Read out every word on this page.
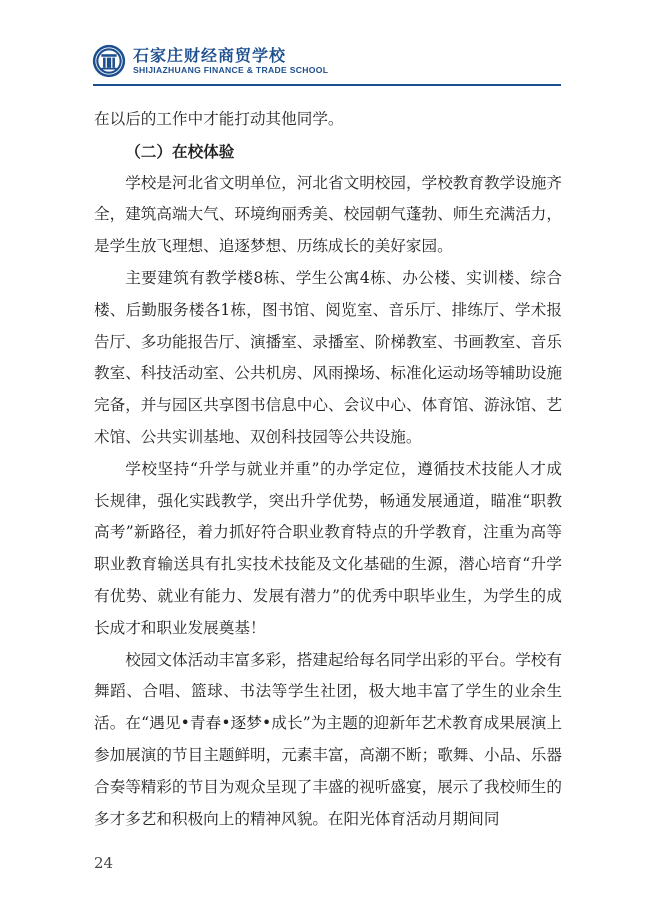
石家庄财经商贸学校
SHIJIAZHUANG FINANCE & TRADE SCHOOL

在以后的工作中才能打动其他同学。

（二）在校体验

学校是河北省文明单位，河北省文明校园，学校教育教学设施齐全，建筑高端大气、环境绚丽秀美、校园朝气蓬勃、师生充满活力，是学生放飞理想、追逐梦想、历练成长的美好家园。

主要建筑有教学楼8栋、学生公寓4栋、办公楼、实训楼、综合楼、后勤服务楼各1栋，图书馆、阅览室、音乐厅、排练厅、学术报告厅、多功能报告厅、演播室、录播室、阶梯教室、书画教室、音乐教室、科技活动室、公共机房、风雨操场、标准化运动场等辅助设施完备，并与园区共享图书信息中心、会议中心、体育馆、游泳馆、艺术馆、公共实训基地、双创科技园等公共设施。

学校坚持“升学与就业并重”的办学定位，遵循技术技能人才成长规律，强化实践教学，突出升学优势，畅通发展通道，瞄准“职教高考”新路径，着力抓好符合职业教育特点的升学教育，注重为高等职业教育输送具有扎实技术技能及文化基础的生源，潜心培育“升学有优势、就业有能力、发展有潜力”的优秀中职毕业生，为学生的成长成才和职业发展奠基！

校园文体活动丰富多彩，搭建起给每名同学出彩的平台。学校有舞蹈、合唱、篮球、书法等学生社团，极大地丰富了学生的业余生活。在“遇见•青春•逐梦•成长”为主题的迎新年艺术教育成果展演上参加展演的节目主题鲜明，元素丰富，高潮不断；歌舞、小品、乐器合奏等精彩的节目为观众呈现了丰盛的视听盛宴，展示了我校师生的多才多艺和积极向上的精神风貌。在阳光体育活动月期间同

24
